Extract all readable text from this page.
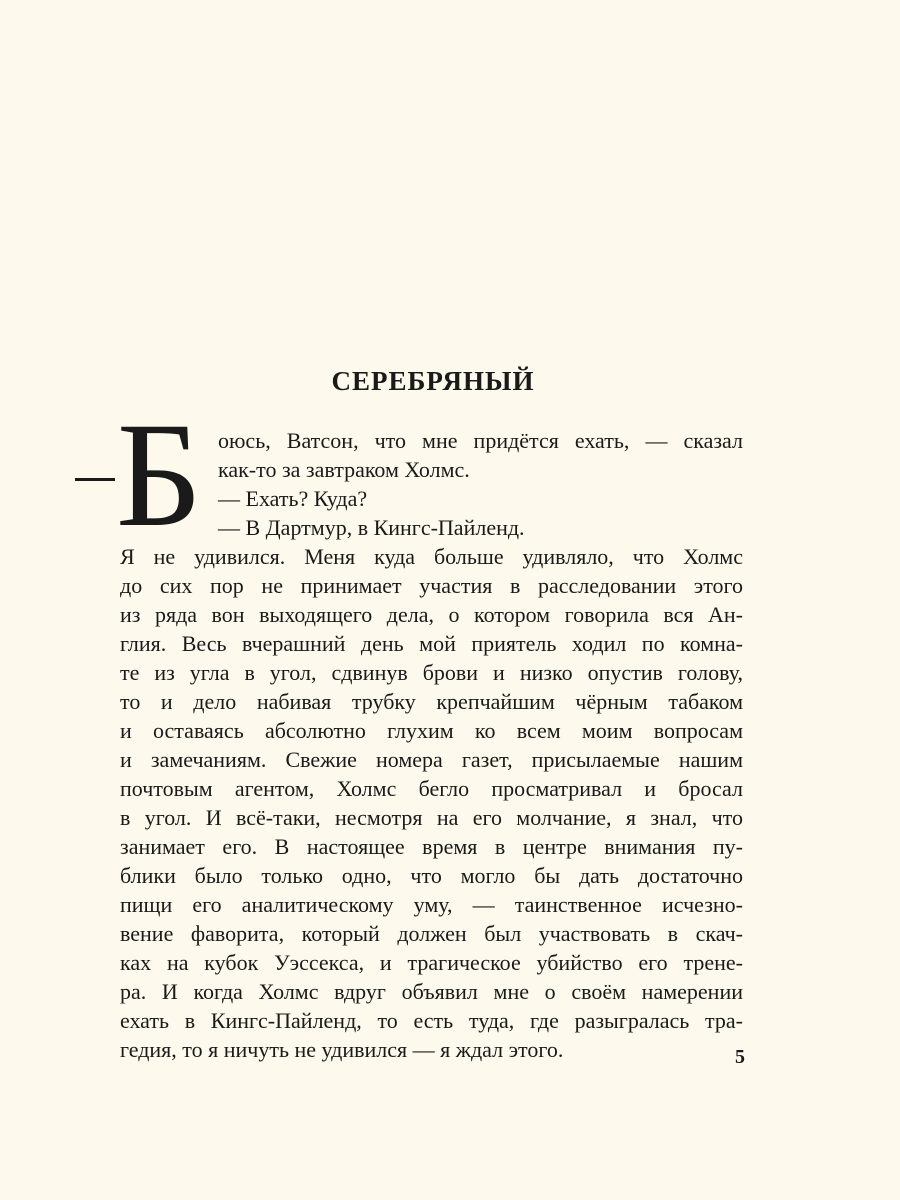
СЕРЕБРЯНЫЙ
Б оюсь, Ватсон, что мне придётся ехать, — сказал
как-то за завтраком Холмс.
— Ехать? Куда?
— В Дартмур, в Кингс-Пайленд.
Я не удивился. Меня куда больше удивляло, что Холмс
до сих пор не принимает участия в расследовании этого
из ряда вон выходящего дела, о котором говорила вся Ан-
глия. Весь вчерашний день мой приятель ходил по комна-
те из угла в угол, сдвинув брови и низко опустив голову,
то и дело набивая трубку крепчайшим чёрным табаком
и оставаясь абсолютно глухим ко всем моим вопросам
и замечаниям. Свежие номера газет, присылаемые нашим
почтовым агентом, Холмс бегло просматривал и бросал
в угол. И всё-таки, несмотря на его молчание, я знал, что
занимает его. В настоящее время в центре внимания пу-
блики было только одно, что могло бы дать достаточно
пищи его аналитическому уму, — таинственное исчезно-
вение фаворита, который должен был участвовать в скач-
ках на кубок Уэссекса, и трагическое убийство его трене-
ра. И когда Холмс вдруг объявил мне о своём намерении
ехать в Кингс-Пайленд, то есть туда, где разыгралась тра-
гедия, то я ничуть не удивился — я ждал этого.	5
